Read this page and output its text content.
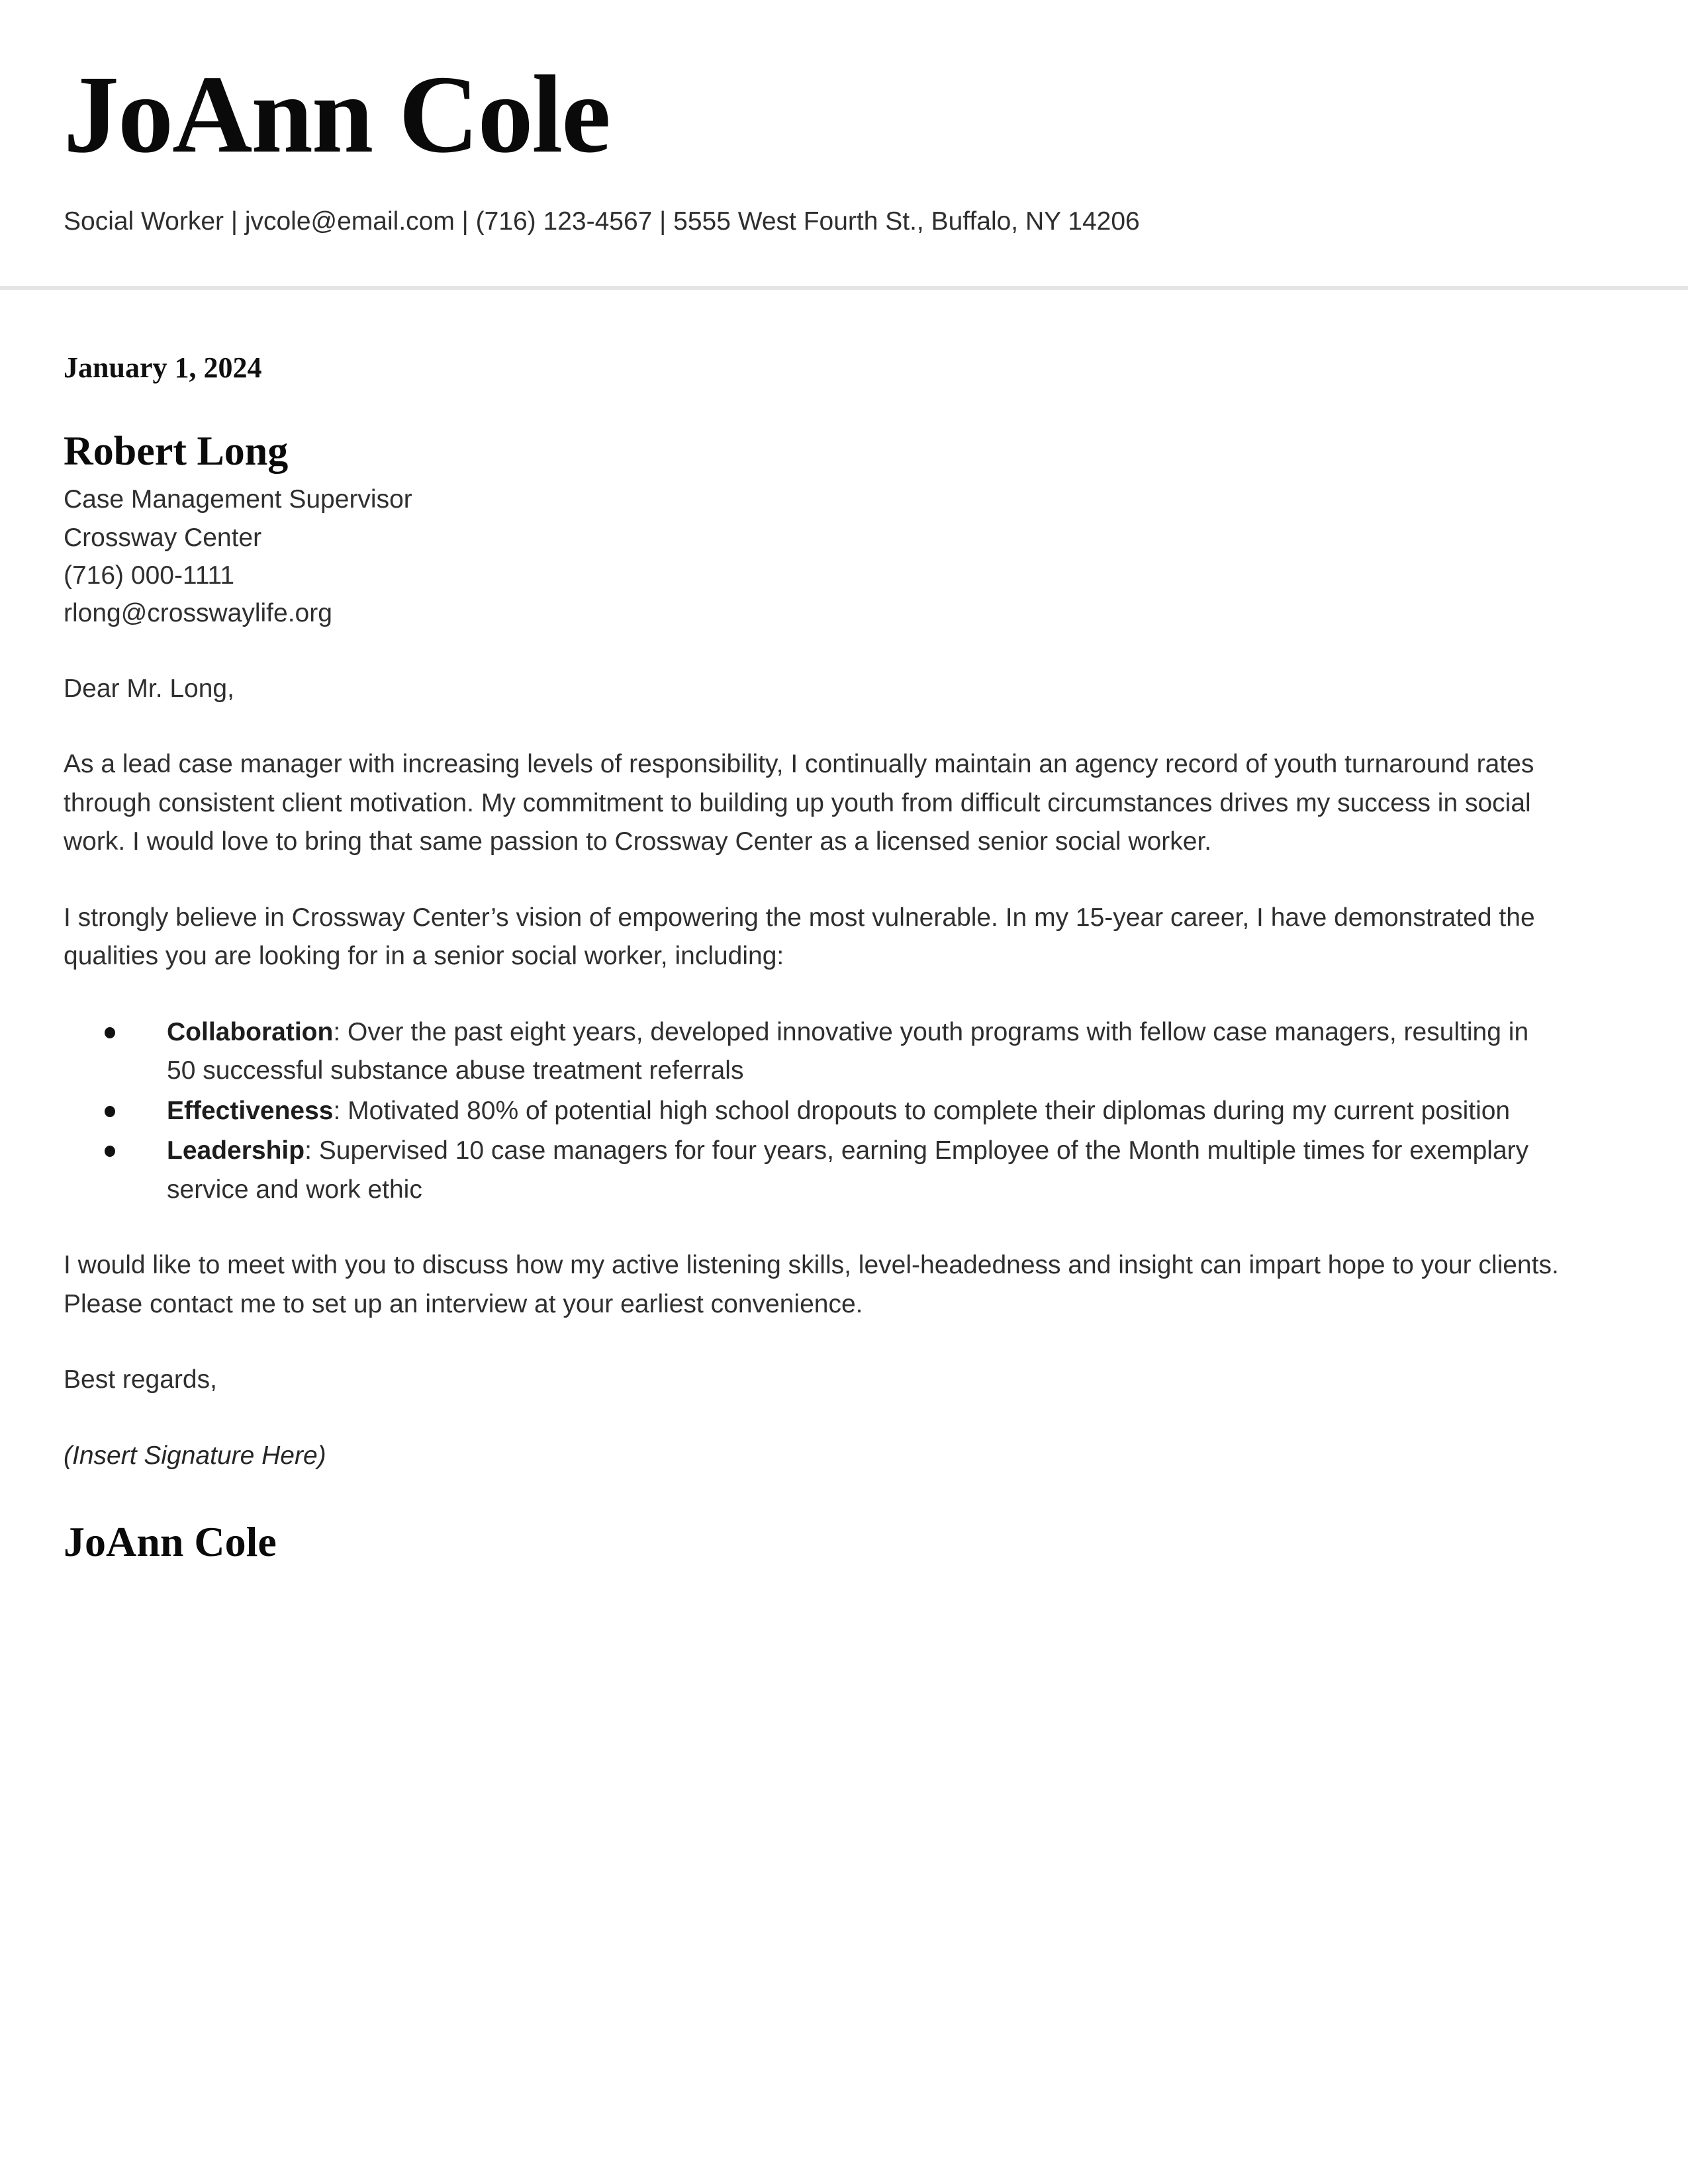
JoAnn Cole

Social Worker | jvcole@email.com | (716) 123-4567 | 5555 West Fourth St., Buffalo, NY 14206

January 1, 2024

Robert Long

Case Management Supervisor

Crossway Center

(716) 000-1111

rlong@crosswaylife.org

Dear Mr. Long,

As a lead case manager with increasing levels of responsibility, I continually maintain an agency record of youth turnaround rates through consistent client motivation. My commitment to building up youth from difficult circumstances drives my success in social work. I would love to bring that same passion to Crossway Center as a licensed senior social worker.

I strongly believe in Crossway Center’s vision of empowering the most vulnerable. In my 15-year career, I have demonstrated the qualities you are looking for in a senior social worker, including:

Collaboration: Over the past eight years, developed innovative youth programs with fellow case managers, resulting in 50 successful substance abuse treatment referrals
Effectiveness: Motivated 80% of potential high school dropouts to complete their diplomas during my current position
Leadership: Supervised 10 case managers for four years, earning Employee of the Month multiple times for exemplary service and work ethic

I would like to meet with you to discuss how my active listening skills, level-headedness and insight can impart hope to your clients. Please contact me to set up an interview at your earliest convenience.

Best regards,

(Insert Signature Here)

JoAnn Cole
